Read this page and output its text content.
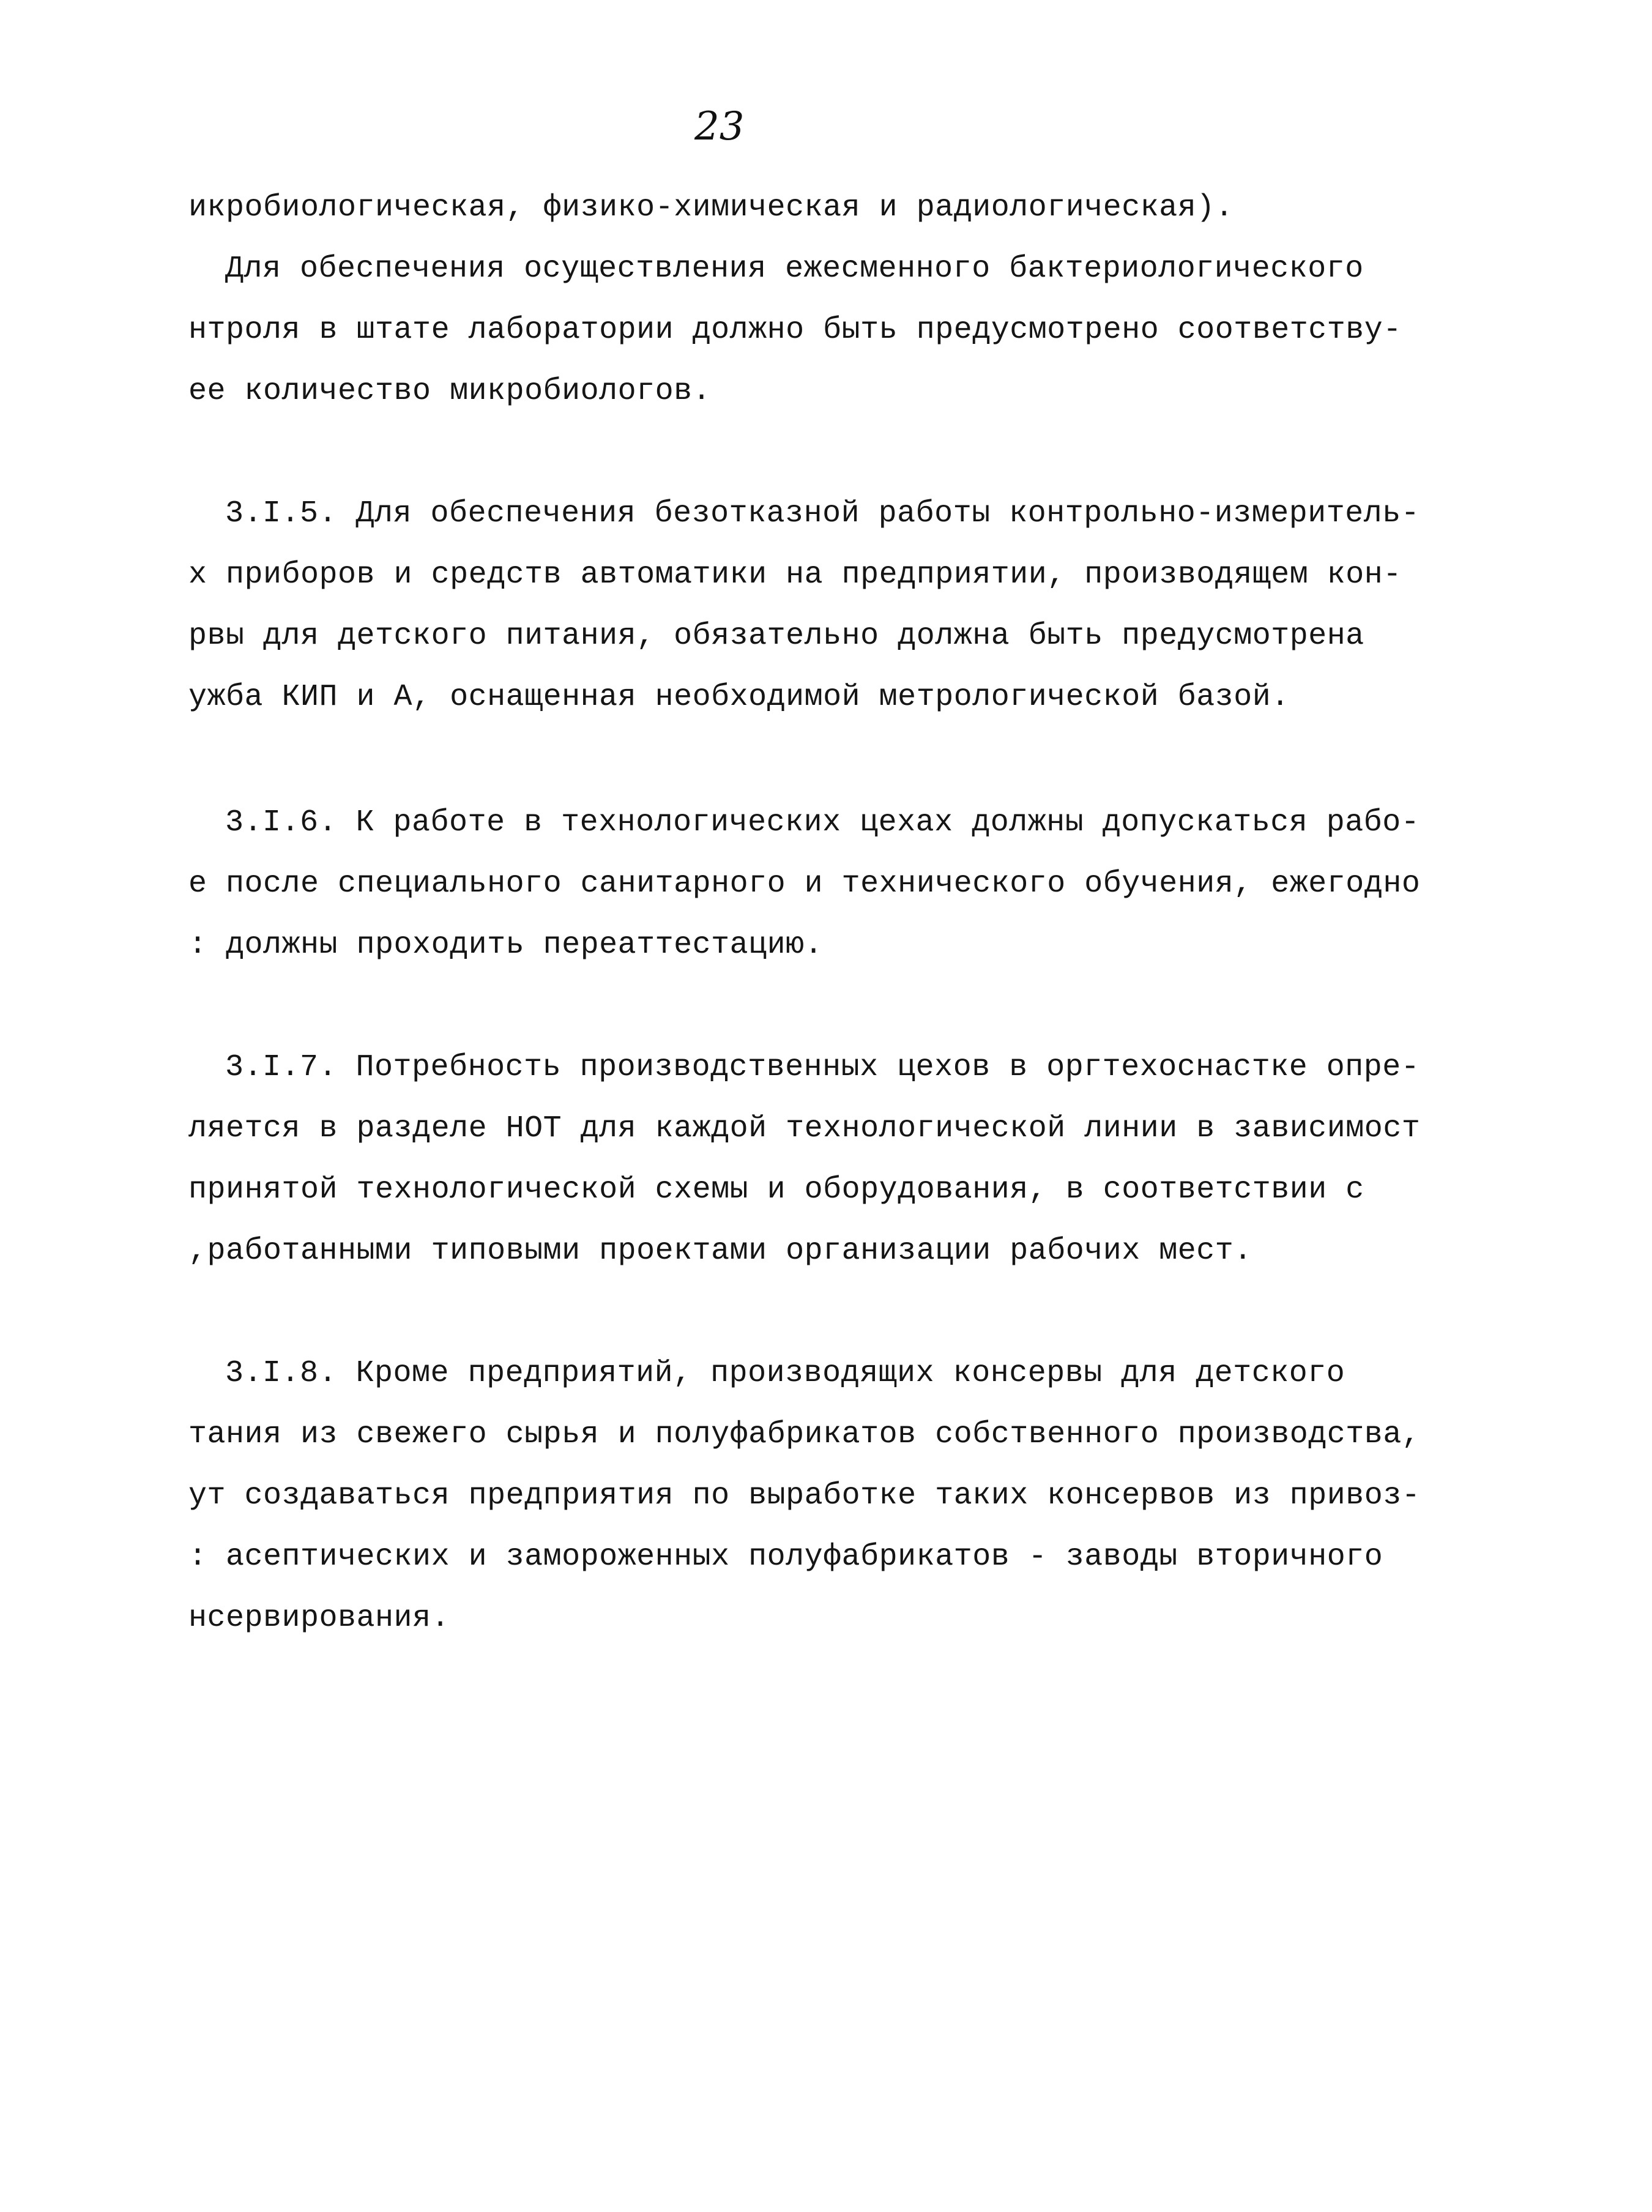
23
икробиологическая, физико-химическая и радиологическая).
Для обеспечения осуществления ежесменного бактериологического
нтроля в штате лаборатории должно быть предусмотрено соответству-
ее количество микробиологов.
3.I.5. Для обеспечения безотказной работы контрольно-измеритель-
х приборов и средств автоматики на предприятии, производящем кон-
рвы для детского питания, обязательно должна быть предусмотрена
ужба КИП и А, оснащенная необходимой метрологической базой.
3.I.6. К работе в технологических цехах должны допускаться рабо-
е после специального санитарного и технического обучения, ежегодно
: должны проходить переаттестацию.
3.I.7. Потребность производственных цехов в оргтехоснастке опре-
ляется в разделе НОТ для каждой технологической линии в зависимост
принятой технологической схемы и оборудования, в соответствии с
,работанными типовыми проектами организации рабочих мест.
3.I.8. Кроме предприятий, производящих консервы для детского
тания из свежего сырья и полуфабрикатов собственного производства,
ут создаваться предприятия по выработке таких консервов из привоз-
: асептических и замороженных полуфабрикатов - заводы вторичного
нсервирования.
